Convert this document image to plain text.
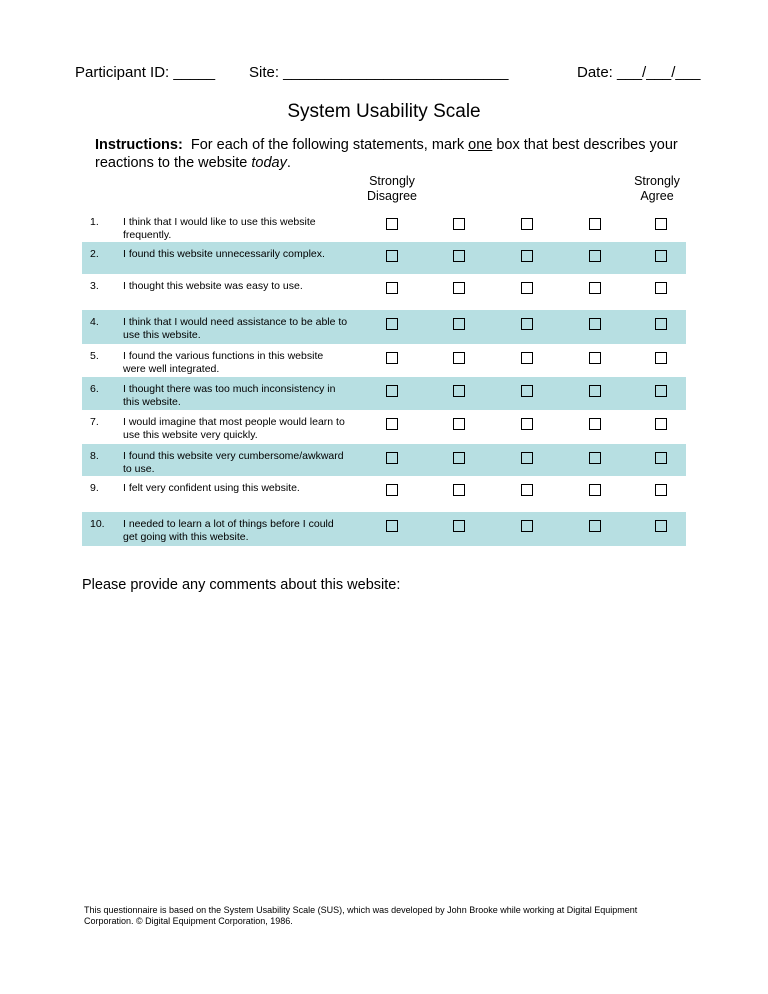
Participant ID: _____ Site: ___________________________	Date: ___/___/___
System Usability Scale
Instructions: For each of the following statements, mark one box that best describes your reactions to the website today.
Strongly
Disagree
Strongly
Agree
1. I think that I would like to use this website frequently.
2. I found this website unnecessarily complex.
3. I thought this website was easy to use.
4. I think that I would need assistance to be able to use this website.
5. I found the various functions in this website were well integrated.
6. I thought there was too much inconsistency in this website.
7. I would imagine that most people would learn to use this website very quickly.
8. I found this website very cumbersome/awkward to use.
9. I felt very confident using this website.
10. I needed to learn a lot of things before I could get going with this website.
Please provide any comments about this website:
This questionnaire is based on the System Usability Scale (SUS), which was developed by John Brooke while working at Digital Equipment Corporation. © Digital Equipment Corporation, 1986.
